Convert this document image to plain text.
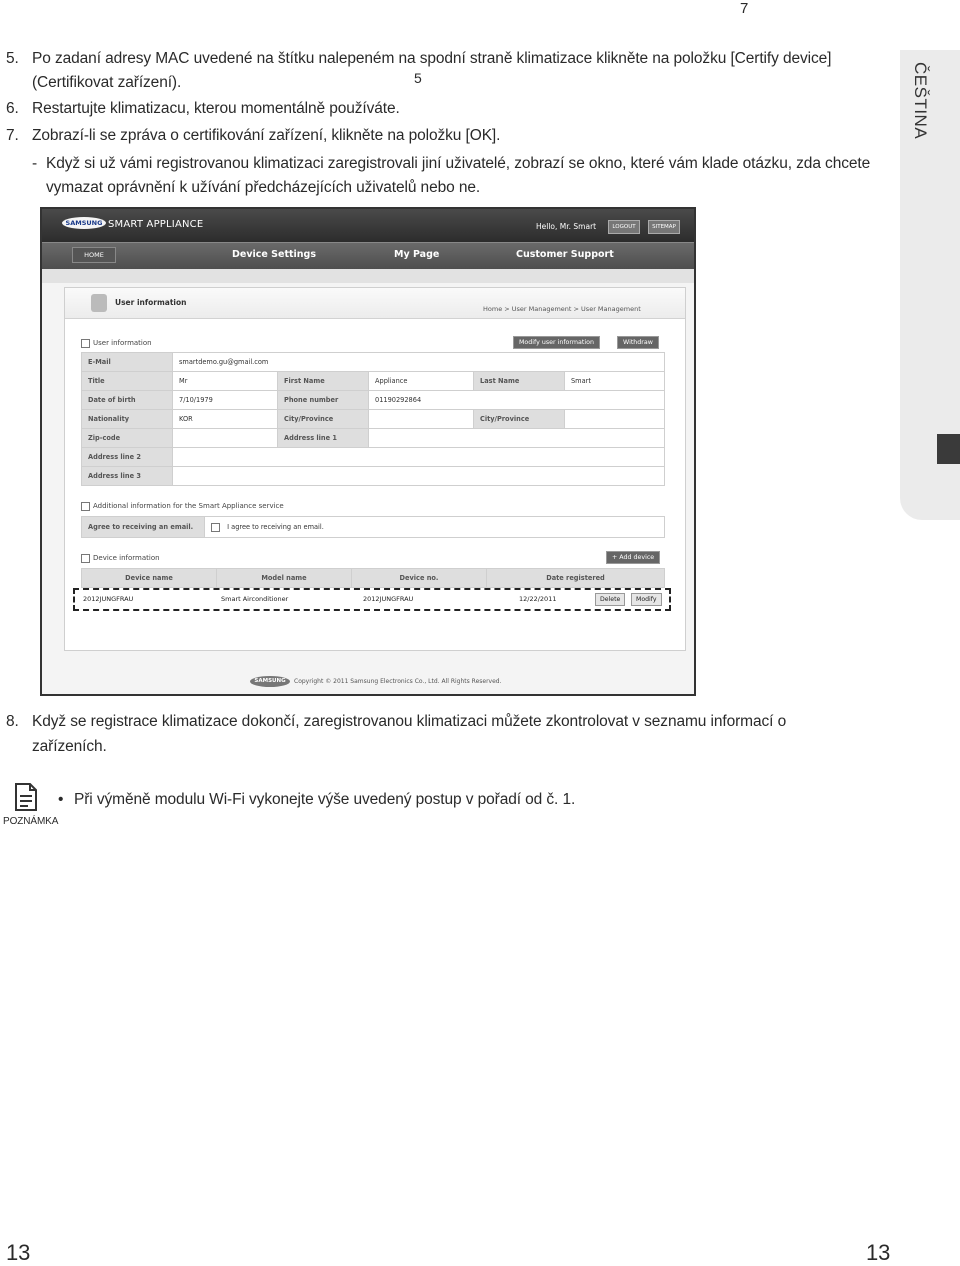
7
5. Po zadaní adresy MAC uvedené na štítku nalepeném na spodní straně klimatizace klikněte na položku [Certify device]
(Certifikovat zařízení).	5
6. Restartujte klimatizacu, kterou momentálně používáte.
7. Zobrazí-li se zpráva o certifikování zařízení, klikněte na položku [OK].
- Když si už vámi registrovanou klimatizaci zaregistrovali jiní uživatelé, zobrazí se okno, které vám klade otázku, zda chcete
vymazat oprávnění k užívání předcházejících uživatelů nebo ne.
ČEŠTINA
SAMSUNG SMART APPLIANCE	Hello, Mr. Smart	LOGOUT	SITEMAP
HOME	Device Settings	My Page	Customer Support
User information
Home > User Management > User Management
User information	Modify user information	Withdraw
E-Mail	smartdemo.gu@gmail.com				
Title	Mr	First Name	Appliance	Last Name	Smart
Date of birth	7/10/1979	Phone number	01190292864		
Nationality	KOR	City/Province		City/Province	
Zip-code		Address line 1			
Address line 2					
Address line 3					
Additional information for the Smart Appliance service
Agree to receiving an email.	I agree to receiving an email.
Device information	+ Add device
Device name	Model name	Device no.	Date registered
2012JUNGFRAU	Smart Airconditioner	2012JUNGFRAU	12/22/2011	Delete	Modify
SAMSUNG	Copyright © 2011 Samsung Electronics Co., Ltd. All Rights Reserved.
8. Když se registrace klimatizace dokončí, zaregistrovanou klimatizaci můžete zkontrolovat v seznamu informací o
zařízeních.
POZNÁMKA
• Při výměně modulu Wi-Fi vykonejte výše uvedený postup v pořadí od č. 1.
13	13
